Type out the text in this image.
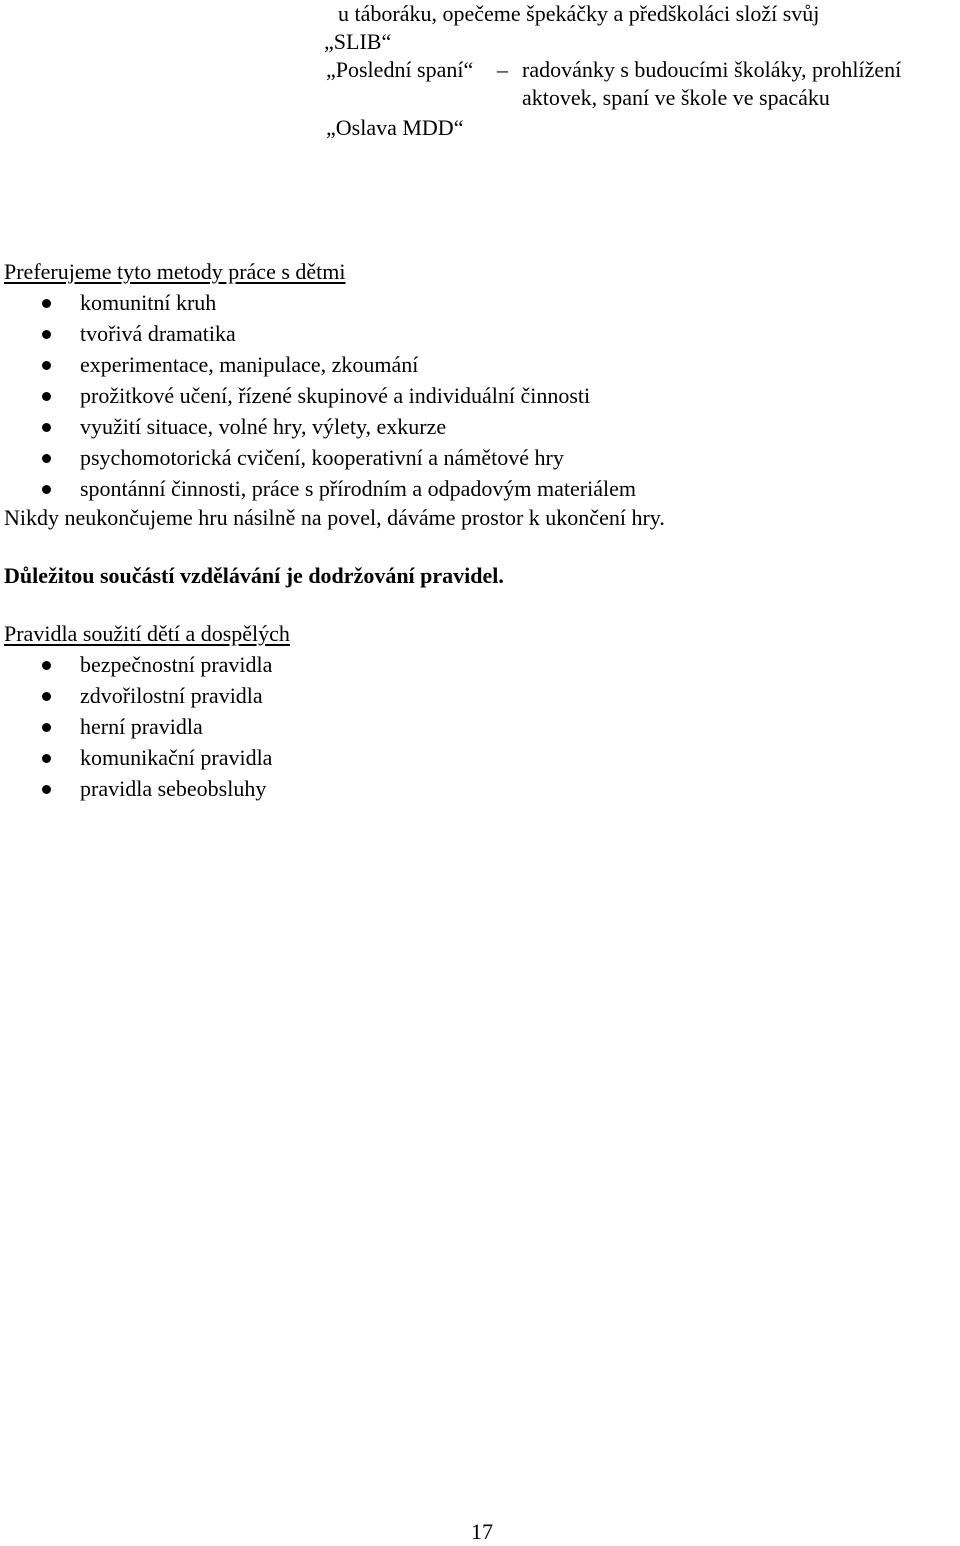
u táboráku, opečeme špekáčky a předškoláci složí svůj
„SLIB“
„Poslední spaní“ – radovánky s budoucími školáky, prohlížení
aktovek, spaní ve škole ve spacáku
„Oslava MDD“
Preferujeme tyto metody práce s dětmi
komunitní kruh
tvořivá dramatika
experimentace, manipulace, zkoumání
prožitkové učení, řízené skupinové a individuální činnosti
využití situace, volné hry, výlety, exkurze
psychomotorická cvičení, kooperativní a námětové hry
spontánní činnosti, práce s přírodním a odpadovým materiálem
Nikdy neukončujeme hru násilně na povel, dáváme prostor k ukončení hry.
Důležitou součástí vzdělávání je dodržování pravidel.
Pravidla soužití dětí a dospělých
bezpečnostní pravidla
zdvořilostní pravidla
herní pravidla
komunikační pravidla
pravidla sebeobsluhy
17
